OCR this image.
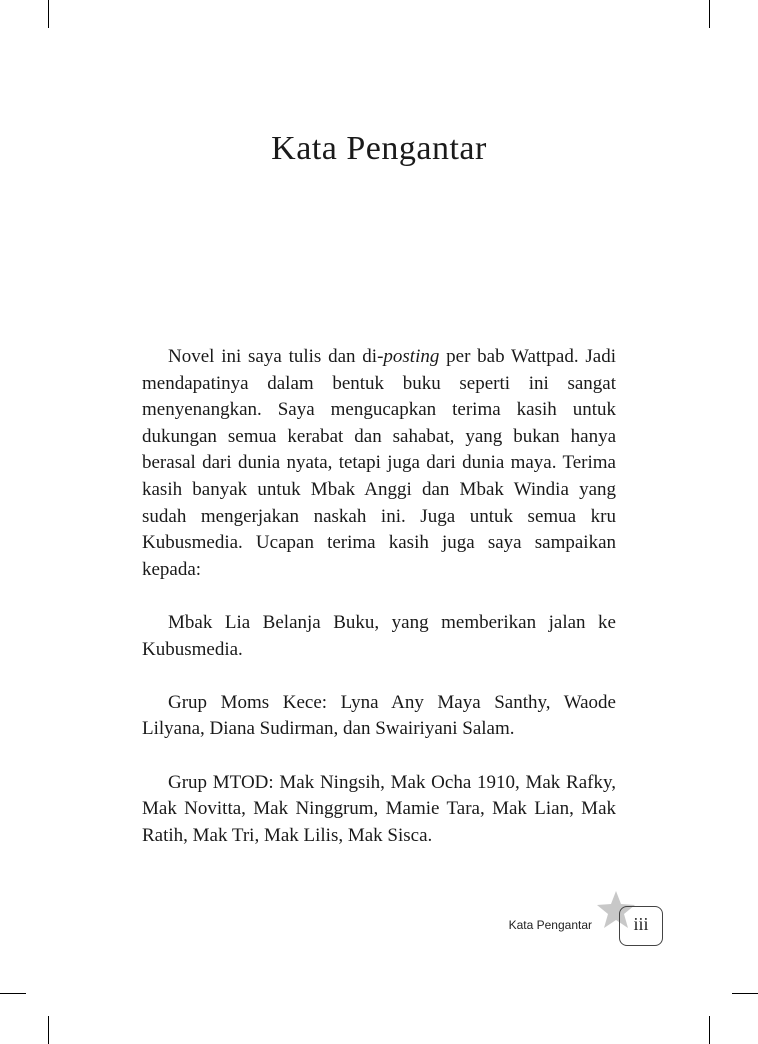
Kata Pengantar

Novel ini saya tulis dan di-posting per bab Wattpad. Jadi mendapatinya dalam bentuk buku seperti ini sangat menyenangkan. Saya mengucapkan terima kasih untuk dukungan semua kerabat dan sahabat, yang bukan hanya berasal dari dunia nyata, tetapi juga dari dunia maya. Terima kasih banyak untuk Mbak Anggi dan Mbak Windia yang sudah mengerjakan naskah ini. Juga untuk semua kru Kubusmedia. Ucapan terima kasih juga saya sampaikan kepada:

Mbak Lia Belanja Buku, yang memberikan jalan ke Kubusmedia.

Grup Moms Kece: Lyna Any Maya Santhy, Waode Lilyana, Diana Sudirman, dan Swairiyani Salam.

Grup MTOD: Mak Ningsih, Mak Ocha 1910, Mak Rafky, Mak Novitta, Mak Ninggrum, Mamie Tara, Mak Lian, Mak Ratih, Mak Tri, Mak Lilis, Mak Sisca.

Kata Pengantar	iii
